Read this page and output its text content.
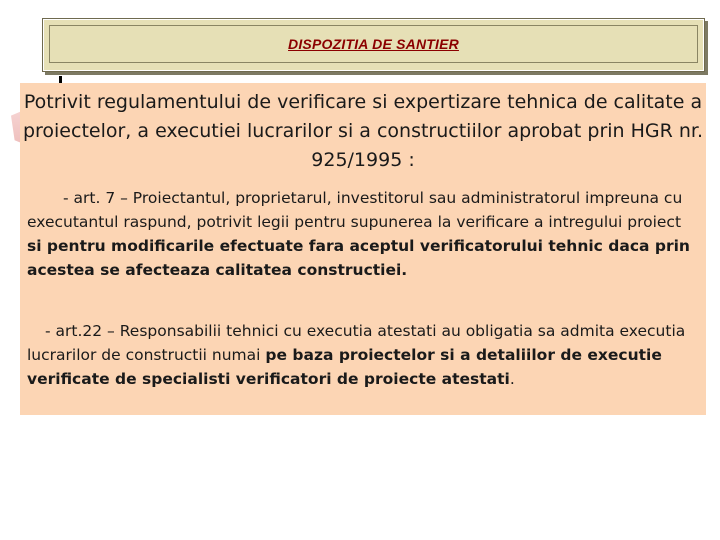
DISPOZITIA DE SANTIER
Potrivit regulamentului de verificare si expertizare tehnica de calitate a proiectelor, a executiei lucrarilor si a constructiilor aprobat prin HGR nr. 925/1995 :
- art. 7 – Proiectantul, proprietarul, investitorul sau administratorul impreuna cu executantul raspund, potrivit legii pentru supunerea la verificare a intregului proiect si pentru modificarile efectuate fara aceptul verificatorului tehnic daca prin acestea se afecteaza calitatea constructiei.
- art.22 – Responsabilii tehnici cu executia atestati au obligatia sa admita executia lucrarilor de constructii numai pe baza proiectelor si a detaliilor de executie verificate de specialisti verificatori de proiecte atestati.
